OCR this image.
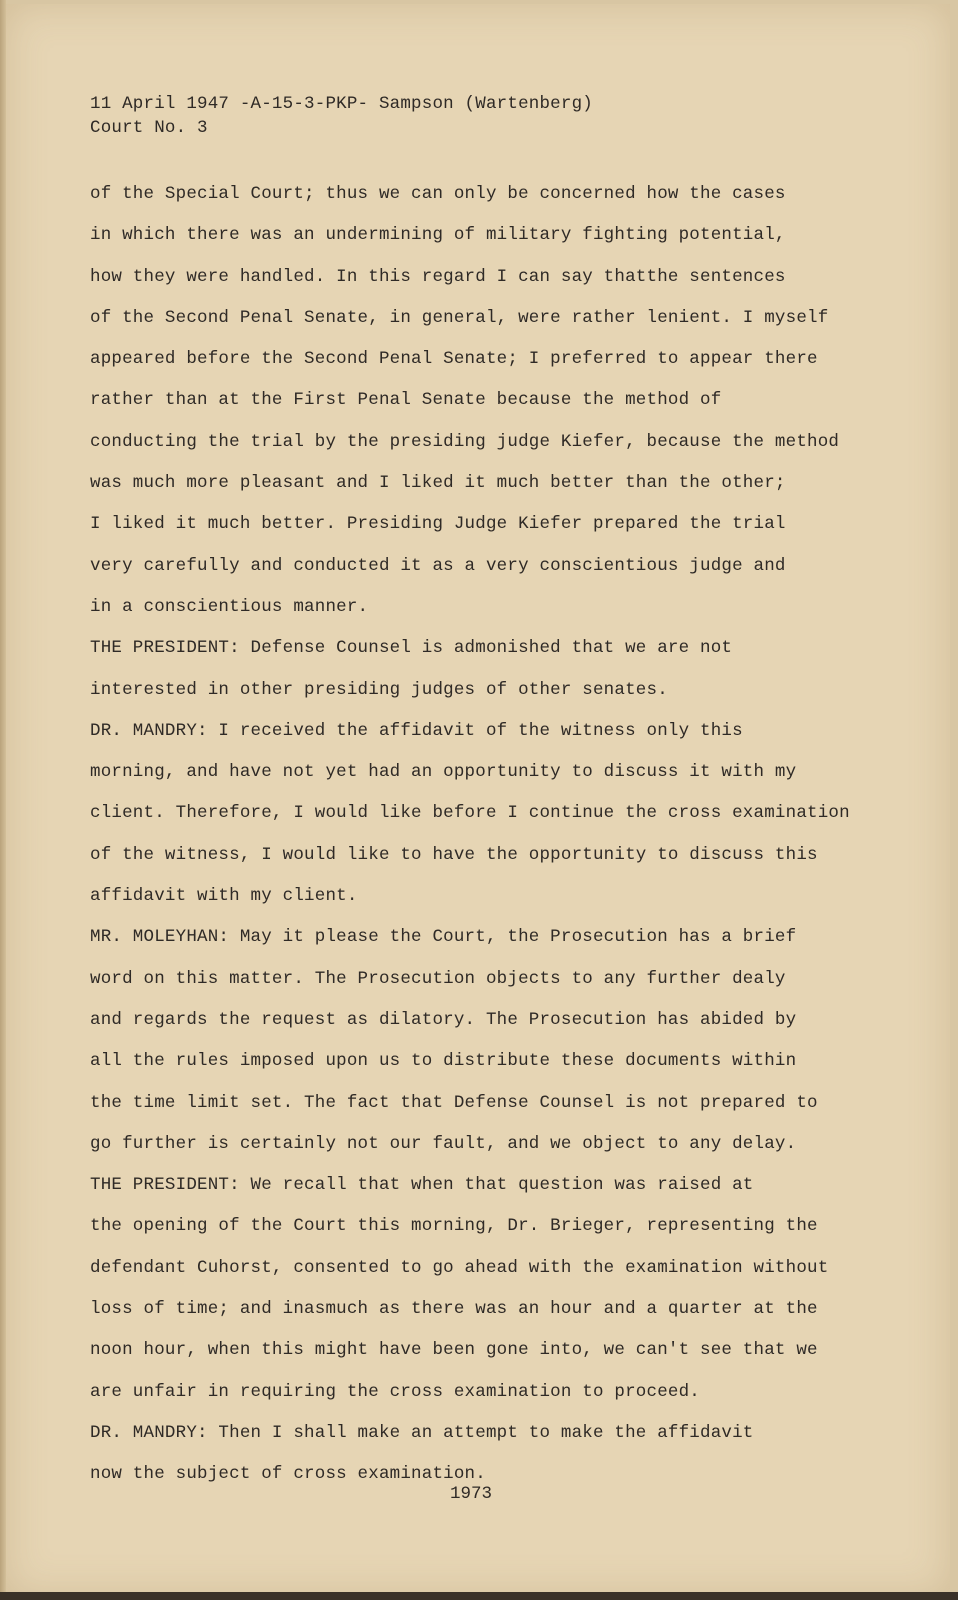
11 April 1947 -A-15-3-PKP- Sampson (Wartenberg)
Court No. 3
of the Special Court; thus we can only be concerned how the cases
in which there was an undermining of military fighting potential,
how they were handled. In this regard I can say thatthe sentences
of the Second Penal Senate, in general, were rather lenient. I myself
appeared before the Second Penal Senate; I preferred to appear there
rather than at the First Penal Senate because the method of
conducting the trial by the presiding judge Kiefer, because the method
was much more pleasant and I liked it much better than the other;
I liked it much better. Presiding Judge Kiefer prepared the trial
very carefully and conducted it as a very conscientious judge and
in a conscientious manner.
THE PRESIDENT: Defense Counsel is admonished that we are not
interested in other presiding judges of other senates.
DR. MANDRY: I received the affidavit of the witness only this
morning, and have not yet had an opportunity to discuss it with my
client. Therefore, I would like before I continue the cross examination
of the witness, I would like to have the opportunity to discuss this
affidavit with my client.
MR. MOLEYHAN: May it please the Court, the Prosecution has a brief
word on this matter. The Prosecution objects to any further dealy
and regards the request as dilatory. The Prosecution has abided by
all the rules imposed upon us to distribute these documents within
the time limit set. The fact that Defense Counsel is not prepared to
go further is certainly not our fault, and we object to any delay.
THE PRESIDENT: We recall that when that question was raised at
the opening of the Court this morning, Dr. Brieger, representing the
defendant Cuhorst, consented to go ahead with the examination without
loss of time; and inasmuch as there was an hour and a quarter at the
noon hour, when this might have been gone into, we can't see that we
are unfair in requiring the cross examination to proceed.
DR. MANDRY: Then I shall make an attempt to make the affidavit
now the subject of cross examination.
1973
